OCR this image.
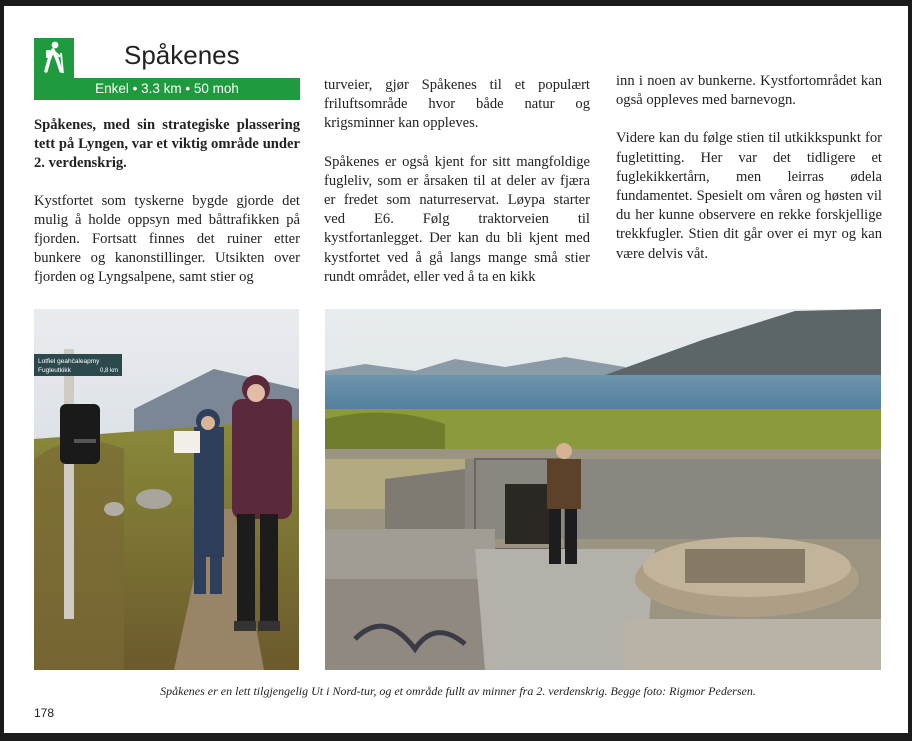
Spåkenes
Enkel • 3.3 km • 50 moh

Spåkenes, med sin strategiske plassering tett på Lyngen, var et viktig område under 2. verdenskrig.

Kystfortet som tyskerne bygde gjorde det mulig å holde oppsyn med båttrafikken på fjorden. Fortsatt finnes det ruiner etter bunkere og kanonstillinger. Utsikten over fjorden og Lyngsalpene, samt stier og

turveier, gjør Spåkenes til et populært friluftsområde hvor både natur og krigsminner kan oppleves.

Spåkenes er også kjent for sitt mangfoldige fugleliv, som er årsaken til at deler av fjæra er fredet som naturreservat. Løypa starter ved E6. Følg traktorveien til kystfortanlegget. Der kan du bli kjent med kystfortet ved å gå langs mange små stier rundt området, eller ved å ta en kikk

inn i noen av bunkerne. Kystfortområdet kan også oppleves med barnevogn.

Videre kan du følge stien til utkikkspunkt for fugletitting. Her var det tidligere et fuglekikkertårn, men leirras ødela fundamentet. Spesielt om våren og høsten vil du her kunne observere en rekke forskjellige trekkfugler. Stien dit går over ei myr og kan være delvis våt.

Lotfiel geahčaleapmy
Fugleutkikk	0,8 km
Spåkenes er en lett tilgjengelig Ut i Nord-tur, og et område fullt av minner fra 2. verdenskrig. Begge foto: Rigmor Pedersen.
178
